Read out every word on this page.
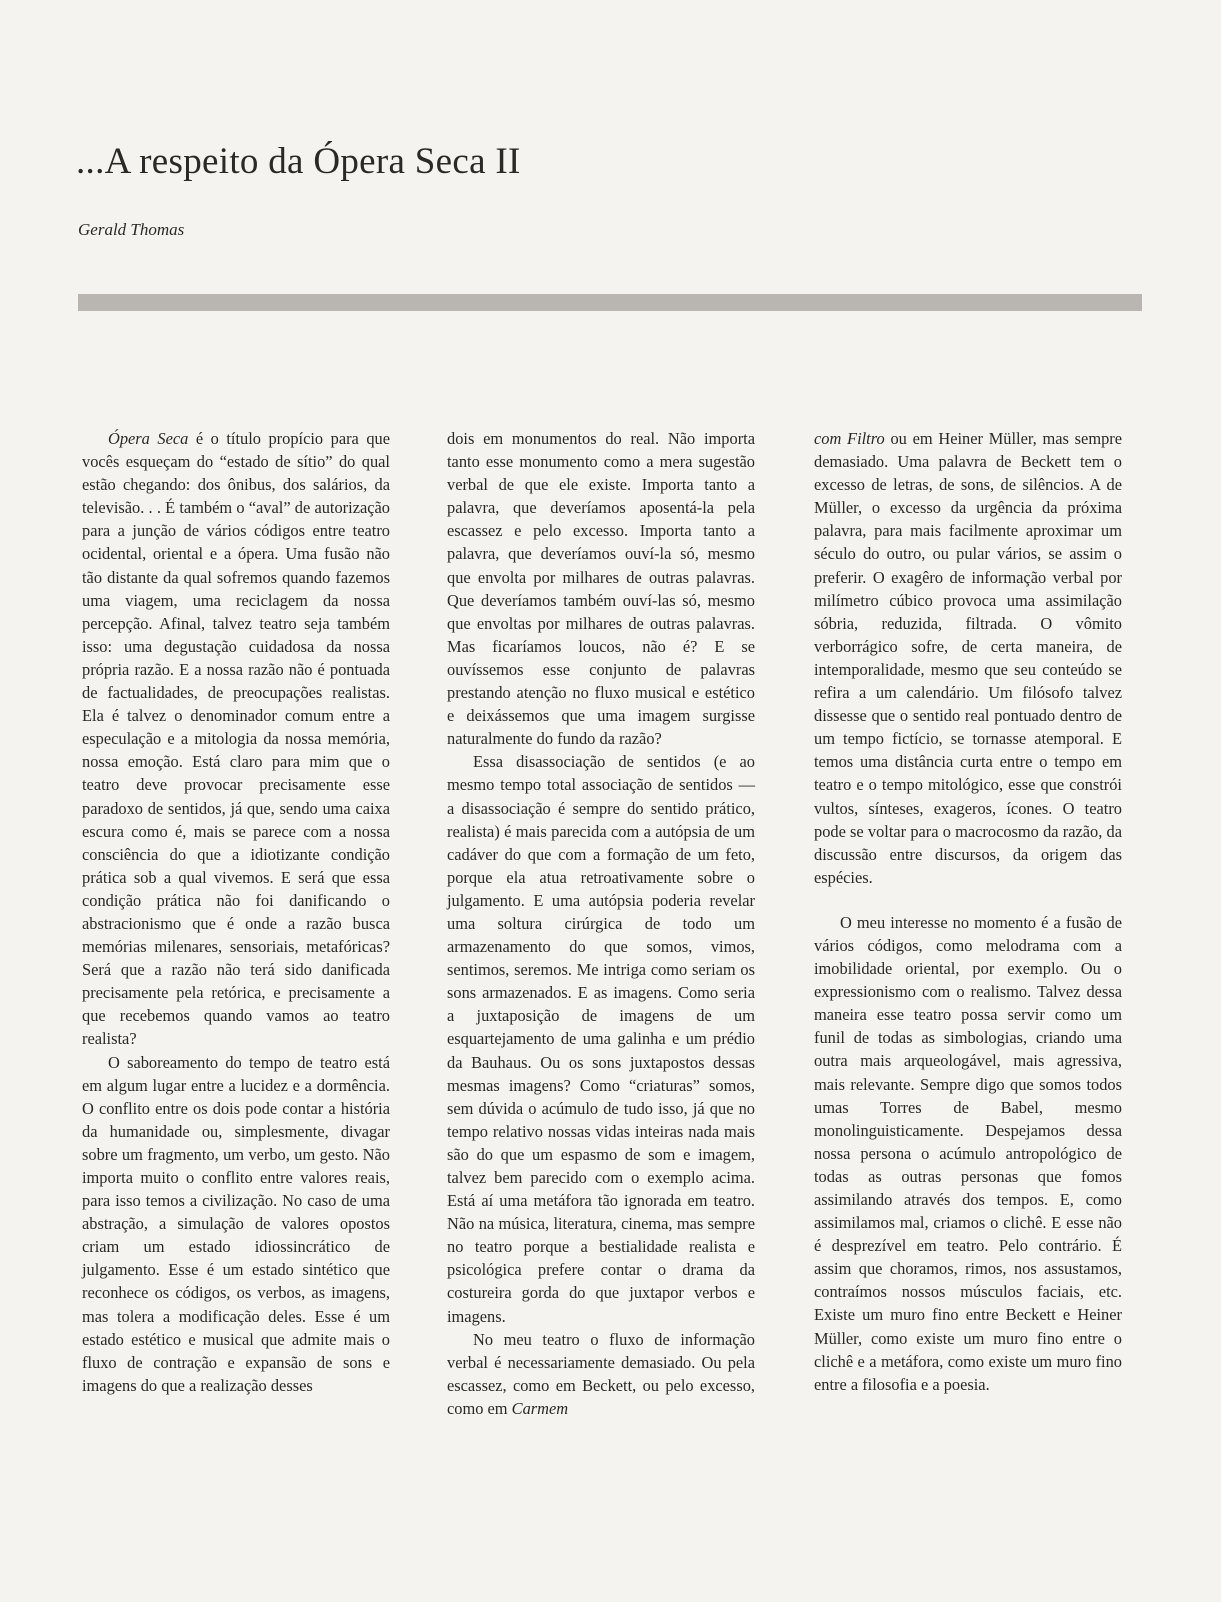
...A respeito da Ópera Seca II
Gerald Thomas

Ópera Seca é o título propício para que vocês esqueçam do “estado de sítio” do qual estão chegando: dos ônibus, dos salários, da televisão. . . É também o “aval” de autorização para a junção de vários códigos entre teatro ocidental, oriental e a ópera. Uma fusão não tão distante da qual sofremos quando fazemos uma viagem, uma reciclagem da nossa percepção. Afinal, talvez teatro seja também isso: uma degustação cuidadosa da nossa própria razão. E a nossa razão não é pontuada de factualidades, de preocupações realistas. Ela é talvez o denominador comum entre a especulação e a mitologia da nossa memória, nossa emoção. Está claro para mim que o teatro deve provocar precisamente esse paradoxo de sentidos, já que, sendo uma caixa escura como é, mais se parece com a nossa consciência do que a idiotizante condição prática sob a qual vivemos. E será que essa condição prática não foi danificando o abstracionismo que é onde a razão busca memórias milenares, sensoriais, metafóricas? Será que a razão não terá sido danificada precisamente pela retórica, e precisamente a que recebemos quando vamos ao teatro realista?

O saboreamento do tempo de teatro está em algum lugar entre a lucidez e a dormência. O conflito entre os dois pode contar a história da humanidade ou, simplesmente, divagar sobre um fragmento, um verbo, um gesto. Não importa muito o conflito entre valores reais, para isso temos a civilização. No caso de uma abstração, a simulação de valores opostos criam um estado idiossincrático de julgamento. Esse é um estado sintético que reconhece os códigos, os verbos, as imagens, mas tolera a modificação deles. Esse é um estado estético e musical que admite mais o fluxo de contração e expansão de sons e imagens do que a realização desses

dois em monumentos do real. Não importa tanto esse monumento como a mera sugestão verbal de que ele existe. Importa tanto a palavra, que deveríamos aposentá-la pela escassez e pelo excesso. Importa tanto a palavra, que deveríamos ouví-la só, mesmo que envolta por milhares de outras palavras. Que deveríamos também ouví-las só, mesmo que envoltas por milhares de outras palavras. Mas ficaríamos loucos, não é? E se ouvíssemos esse conjunto de palavras prestando atenção no fluxo musical e estético e deixássemos que uma imagem surgisse naturalmente do fundo da razão?

Essa disassociação de sentidos (e ao mesmo tempo total associação de sentidos — a disassociação é sempre do sentido prático, realista) é mais parecida com a autópsia de um cadáver do que com a formação de um feto, porque ela atua retroativamente sobre o julgamento. E uma autópsia poderia revelar uma soltura cirúrgica de todo um armazenamento do que somos, vimos, sentimos, seremos. Me intriga como seriam os sons armazenados. E as imagens. Como seria a juxtaposição de imagens de um esquartejamento de uma galinha e um prédio da Bauhaus. Ou os sons juxtapostos dessas mesmas imagens? Como “criaturas” somos, sem dúvida o acúmulo de tudo isso, já que no tempo relativo nossas vidas inteiras nada mais são do que um espasmo de som e imagem, talvez bem parecido com o exemplo acima. Está aí uma metáfora tão ignorada em teatro. Não na música, literatura, cinema, mas sempre no teatro porque a bestialidade realista e psicológica prefere contar o drama da costureira gorda do que juxtapor verbos e imagens.

No meu teatro o fluxo de informação verbal é necessariamente demasiado. Ou pela escassez, como em Beckett, ou pelo excesso, como em Carmem

com Filtro ou em Heiner Müller, mas sempre demasiado. Uma palavra de Beckett tem o excesso de letras, de sons, de silêncios. A de Müller, o excesso da urgência da próxima palavra, para mais facilmente aproximar um século do outro, ou pular vários, se assim o preferir. O exagêro de informação verbal por milímetro cúbico provoca uma assimilação sóbria, reduzida, filtrada. O vômito verborrágico sofre, de certa maneira, de intemporalidade, mesmo que seu conteúdo se refira a um calendário. Um filósofo talvez dissesse que o sentido real pontuado dentro de um tempo fictício, se tornasse atemporal. E temos uma distância curta entre o tempo em teatro e o tempo mitológico, esse que constrói vultos, sínteses, exageros, ícones. O teatro pode se voltar para o macrocosmo da razão, da discussão entre discursos, da origem das espécies.

O meu interesse no momento é a fusão de vários códigos, como melodrama com a imobilidade oriental, por exemplo. Ou o expressionismo com o realismo. Talvez dessa maneira esse teatro possa servir como um funil de todas as simbologias, criando uma outra mais arqueologável, mais agressiva, mais relevante. Sempre digo que somos todos umas Torres de Babel, mesmo monolinguisticamente. Despejamos dessa nossa persona o acúmulo antropológico de todas as outras personas que fomos assimilando através dos tempos. E, como assimilamos mal, criamos o clichê. E esse não é desprezível em teatro. Pelo contrário. É assim que choramos, rimos, nos assustamos, contraímos nossos músculos faciais, etc. Existe um muro fino entre Beckett e Heiner Müller, como existe um muro fino entre o clichê e a metáfora, como existe um muro fino entre a filosofia e a poesia.
